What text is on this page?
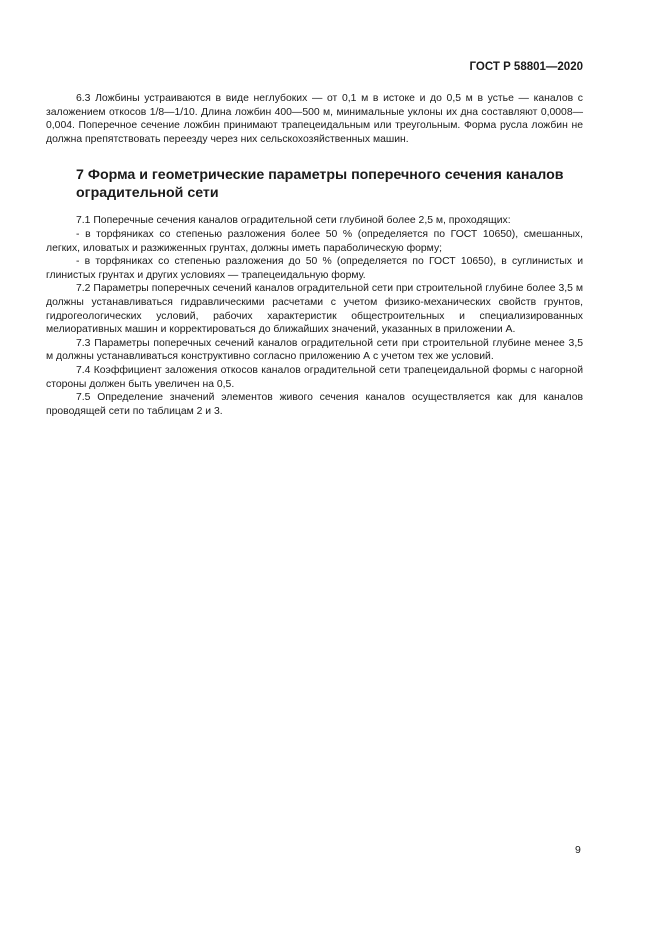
ГОСТ Р 58801—2020

6.3 Ложбины устраиваются в виде неглубоких — от 0,1 м в истоке и до 0,5 м в устье — каналов с заложением откосов 1/8—1/10. Длина ложбин 400—500 м, минимальные уклоны их дна составляют 0,0008—0,004. Поперечное сечение ложбин принимают трапецеидальным или треугольным. Форма русла ложбин не должна препятствовать переезду через них сельскохозяйственных машин.

7 Форма и геометрические параметры поперечного сечения каналов оградительной сети

7.1 Поперечные сечения каналов оградительной сети глубиной более 2,5 м, проходящих:

- в торфяниках со степенью разложения более 50 % (определяется по ГОСТ 10650), смешанных, легких, иловатых и разжиженных грунтах, должны иметь параболическую форму;

- в торфяниках со степенью разложения до 50 % (определяется по ГОСТ 10650), в суглинистых и глинистых грунтах и других условиях — трапецеидальную форму.

7.2 Параметры поперечных сечений каналов оградительной сети при строительной глубине более 3,5 м должны устанавливаться гидравлическими расчетами с учетом физико-механических свойств грунтов, гидрогеологических условий, рабочих характеристик общестроительных и специализированных мелиоративных машин и корректироваться до ближайших значений, указанных в приложении А.

7.3 Параметры поперечных сечений каналов оградительной сети при строительной глубине менее 3,5 м должны устанавливаться конструктивно согласно приложению А с учетом тех же условий.

7.4 Коэффициент заложения откосов каналов оградительной сети трапецеидальной формы с нагорной стороны должен быть увеличен на 0,5.

7.5 Определение значений элементов живого сечения каналов осуществляется как для каналов проводящей сети по таблицам 2 и 3.

9
